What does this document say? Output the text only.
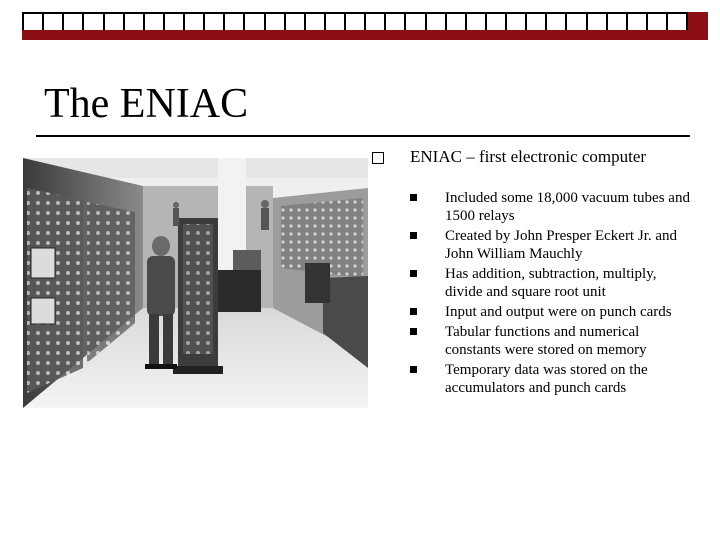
The ENIAC
ENIAC – first electronic computer
Included some 18,000 vacuum tubes and 1500 relays
Created by John Presper Eckert Jr. and John William Mauchly
Has addition, subtraction, multiply, divide and square root unit
Input and output were on punch cards
Tabular functions and numerical constants were stored on memory
Temporary data was stored on the accumulators and punch cards
